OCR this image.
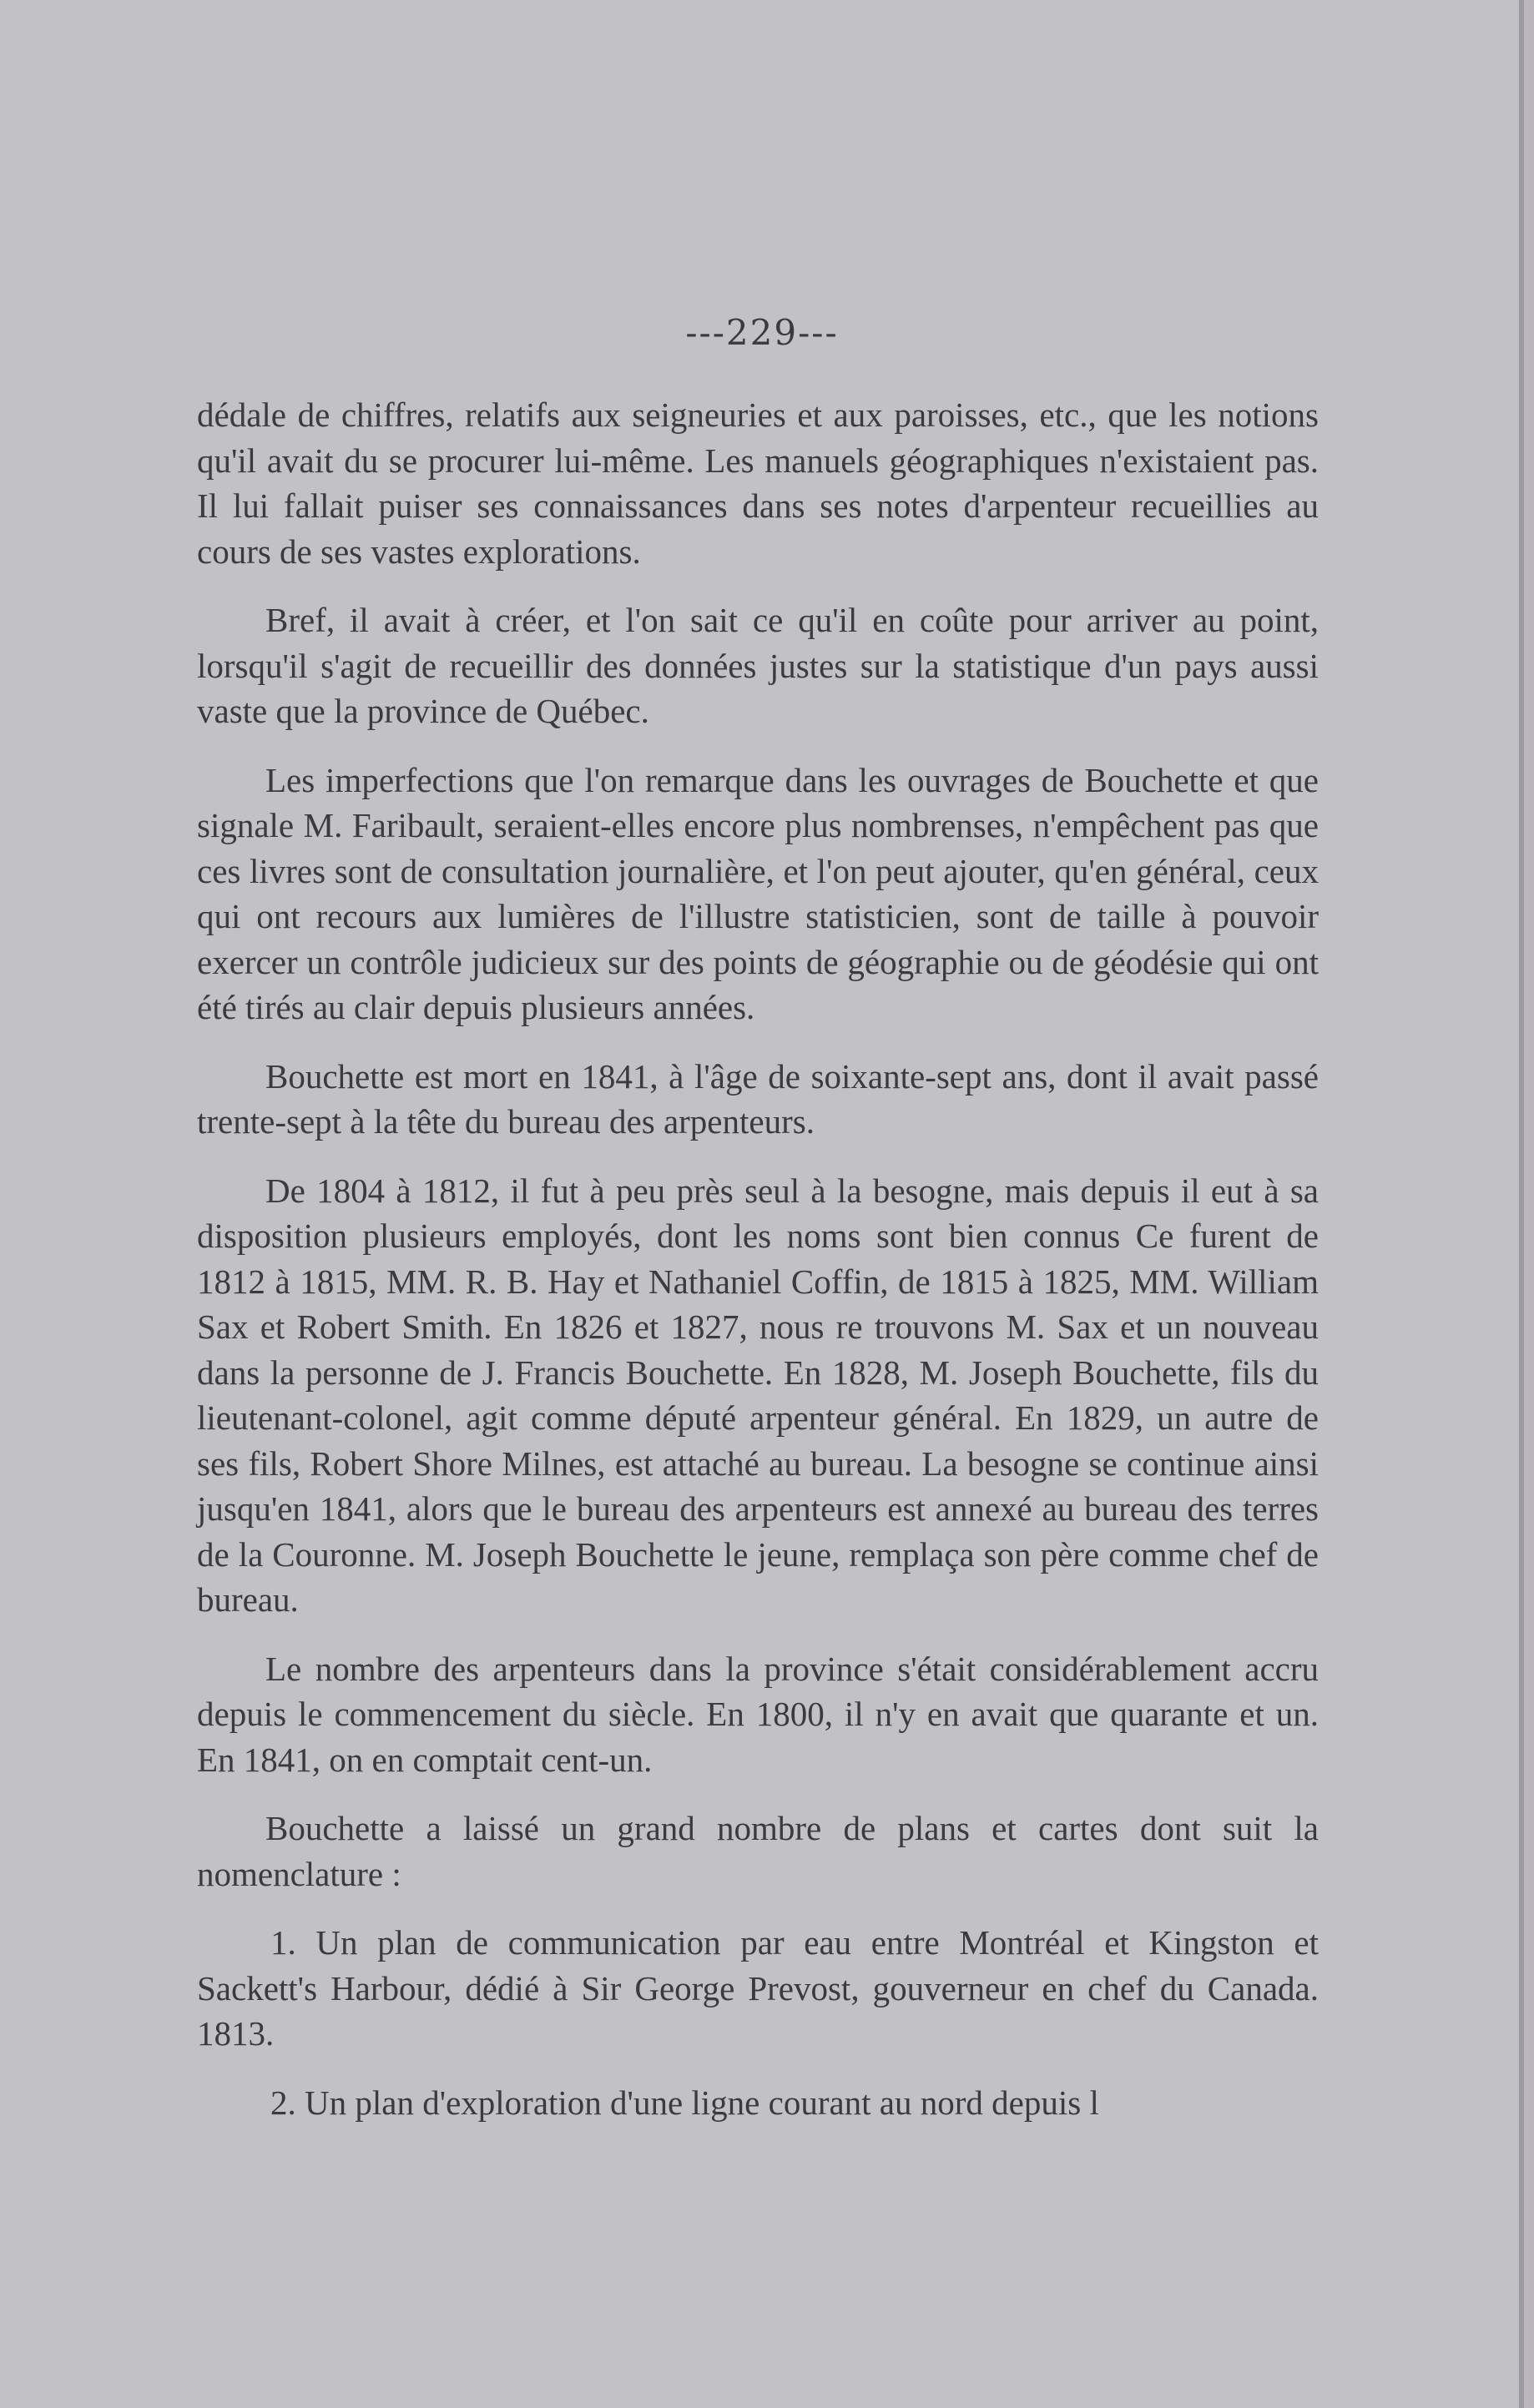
---229---

dédale de chiffres, relatifs aux seigneuries et aux paroisses, etc., que les notions qu'il avait du se procurer lui-même. Les manuels géographiques n'existaient pas. Il lui fallait puiser ses connaissances dans ses notes d'arpenteur recueillies au cours de ses vastes explorations.

Bref, il avait à créer, et l'on sait ce qu'il en coûte pour arriver au point, lorsqu'il s'agit de recueillir des données justes sur la statistique d'un pays aussi vaste que la province de Québec.

Les imperfections que l'on remarque dans les ouvrages de Bouchette et que signale M. Faribault, seraient-elles encore plus nombrenses, n'empêchent pas que ces livres sont de consultation journalière, et l'on peut ajouter, qu'en général, ceux qui ont recours aux lumières de l'illustre statisticien, sont de taille à pouvoir exercer un contrôle judicieux sur des points de géographie ou de géodésie qui ont été tirés au clair depuis plusieurs années.

Bouchette est mort en 1841, à l'âge de soixante-sept ans, dont il avait passé trente-sept à la tête du bureau des arpenteurs.

De 1804 à 1812, il fut à peu près seul à la besogne, mais depuis il eut à sa disposition plusieurs employés, dont les noms sont bien connus Ce furent de 1812 à 1815, MM. R. B. Hay et Nathaniel Coffin, de 1815 à 1825, MM. William Sax et Robert Smith. En 1826 et 1827, nous re trouvons M. Sax et un nouveau dans la personne de J. Francis Bouchette. En 1828, M. Joseph Bouchette, fils du lieutenant-colonel, agit comme député arpenteur général. En 1829, un autre de ses fils, Robert Shore Milnes, est attaché au bureau. La besogne se continue ainsi jusqu'en 1841, alors que le bureau des arpenteurs est annexé au bureau des terres de la Couronne. M. Joseph Bouchette le jeune, remplaça son père comme chef de bureau.

Le nombre des arpenteurs dans la province s'était considérablement accru depuis le commencement du siècle. En 1800, il n'y en avait que quarante et un. En 1841, on en comptait cent-un.

Bouchette a laissé un grand nombre de plans et cartes dont suit la nomenclature :

1. Un plan de communication par eau entre Montréal et Kingston et Sackett's Harbour, dédié à Sir George Prevost, gouverneur en chef du Canada. 1813.

2. Un plan d'exploration d'une ligne courant au nord depuis l
